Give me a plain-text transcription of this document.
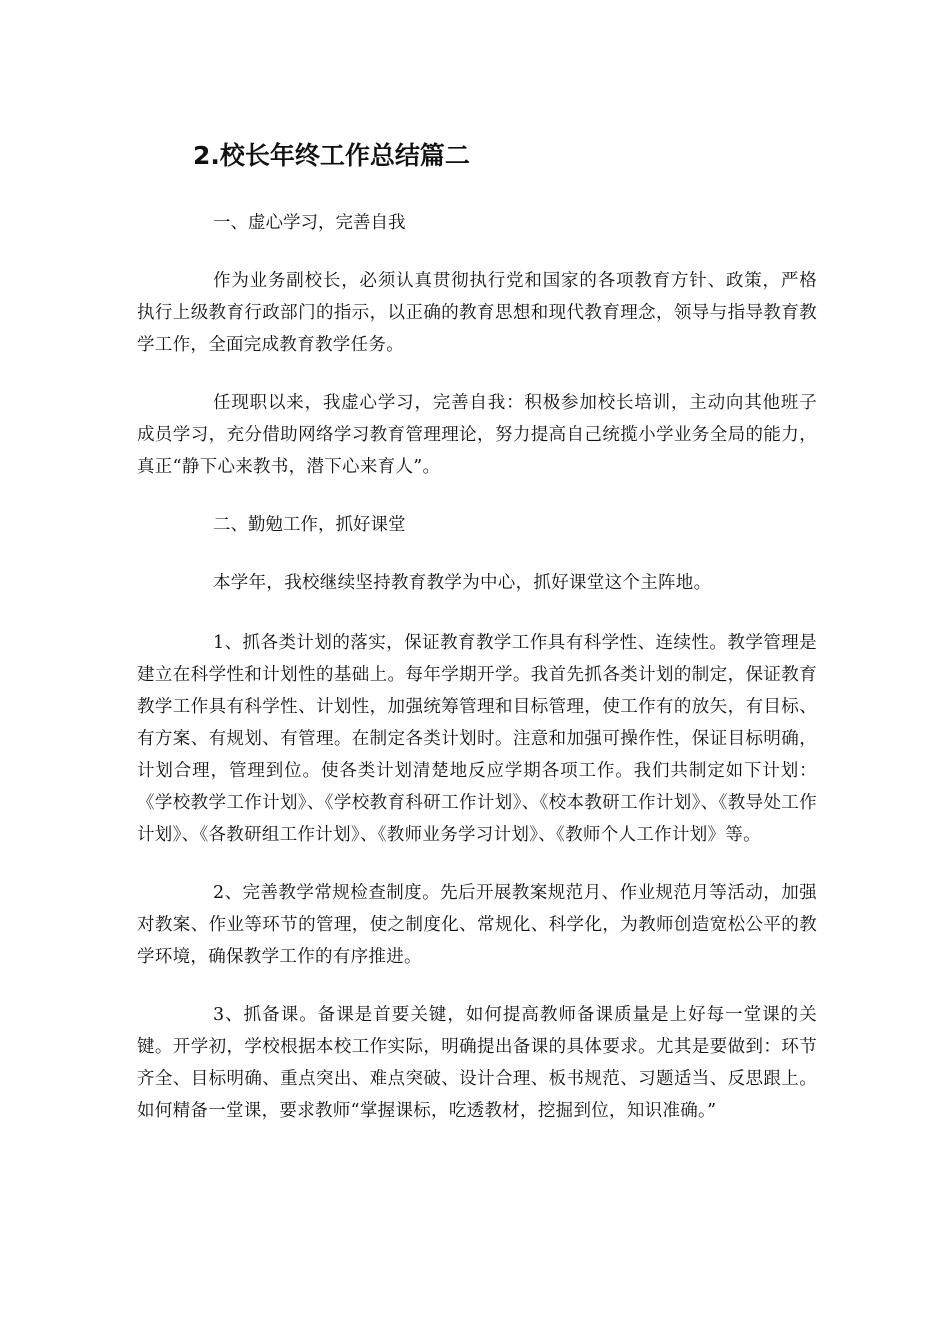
2.校长年终工作总结篇二

一、虚心学习，完善自我

作为业务副校长，必须认真贯彻执行党和国家的各项教育方针、政策，严格执行上级教育行政部门的指示，以正确的教育思想和现代教育理念，领导与指导教育教学工作，全面完成教育教学任务。

任现职以来，我虚心学习，完善自我：积极参加校长培训，主动向其他班子成员学习，充分借助网络学习教育管理理论，努力提高自己统揽小学业务全局的能力，真正“静下心来教书，潜下心来育人”。

二、勤勉工作，抓好课堂

本学年，我校继续坚持教育教学为中心，抓好课堂这个主阵地。

1、抓各类计划的落实，保证教育教学工作具有科学性、连续性。教学管理是建立在科学性和计划性的基础上。每年学期开学。我首先抓各类计划的制定，保证教育教学工作具有科学性、计划性，加强统筹管理和目标管理，使工作有的放矢，有目标、有方案、有规划、有管理。在制定各类计划时。注意和加强可操作性，保证目标明确，计划合理，管理到位。使各类计划清楚地反应学期各项工作。我们共制定如下计划：《学校教学工作计划》、《学校教育科研工作计划》、《校本教研工作计划》、《教导处工作计划》、《各教研组工作计划》、《教师业务学习计划》、《教师个人工作计划》等。

2、完善教学常规检查制度。先后开展教案规范月、作业规范月等活动，加强对教案、作业等环节的管理，使之制度化、常规化、科学化，为教师创造宽松公平的教学环境，确保教学工作的有序推进。

3、抓备课。备课是首要关键，如何提高教师备课质量是上好每一堂课的关键。开学初，学校根据本校工作实际，明确提出备课的具体要求。尤其是要做到：环节齐全、目标明确、重点突出、难点突破、设计合理、板书规范、习题适当、反思跟上。如何精备一堂课，要求教师“掌握课标，吃透教材，挖掘到位，知识准确。”
